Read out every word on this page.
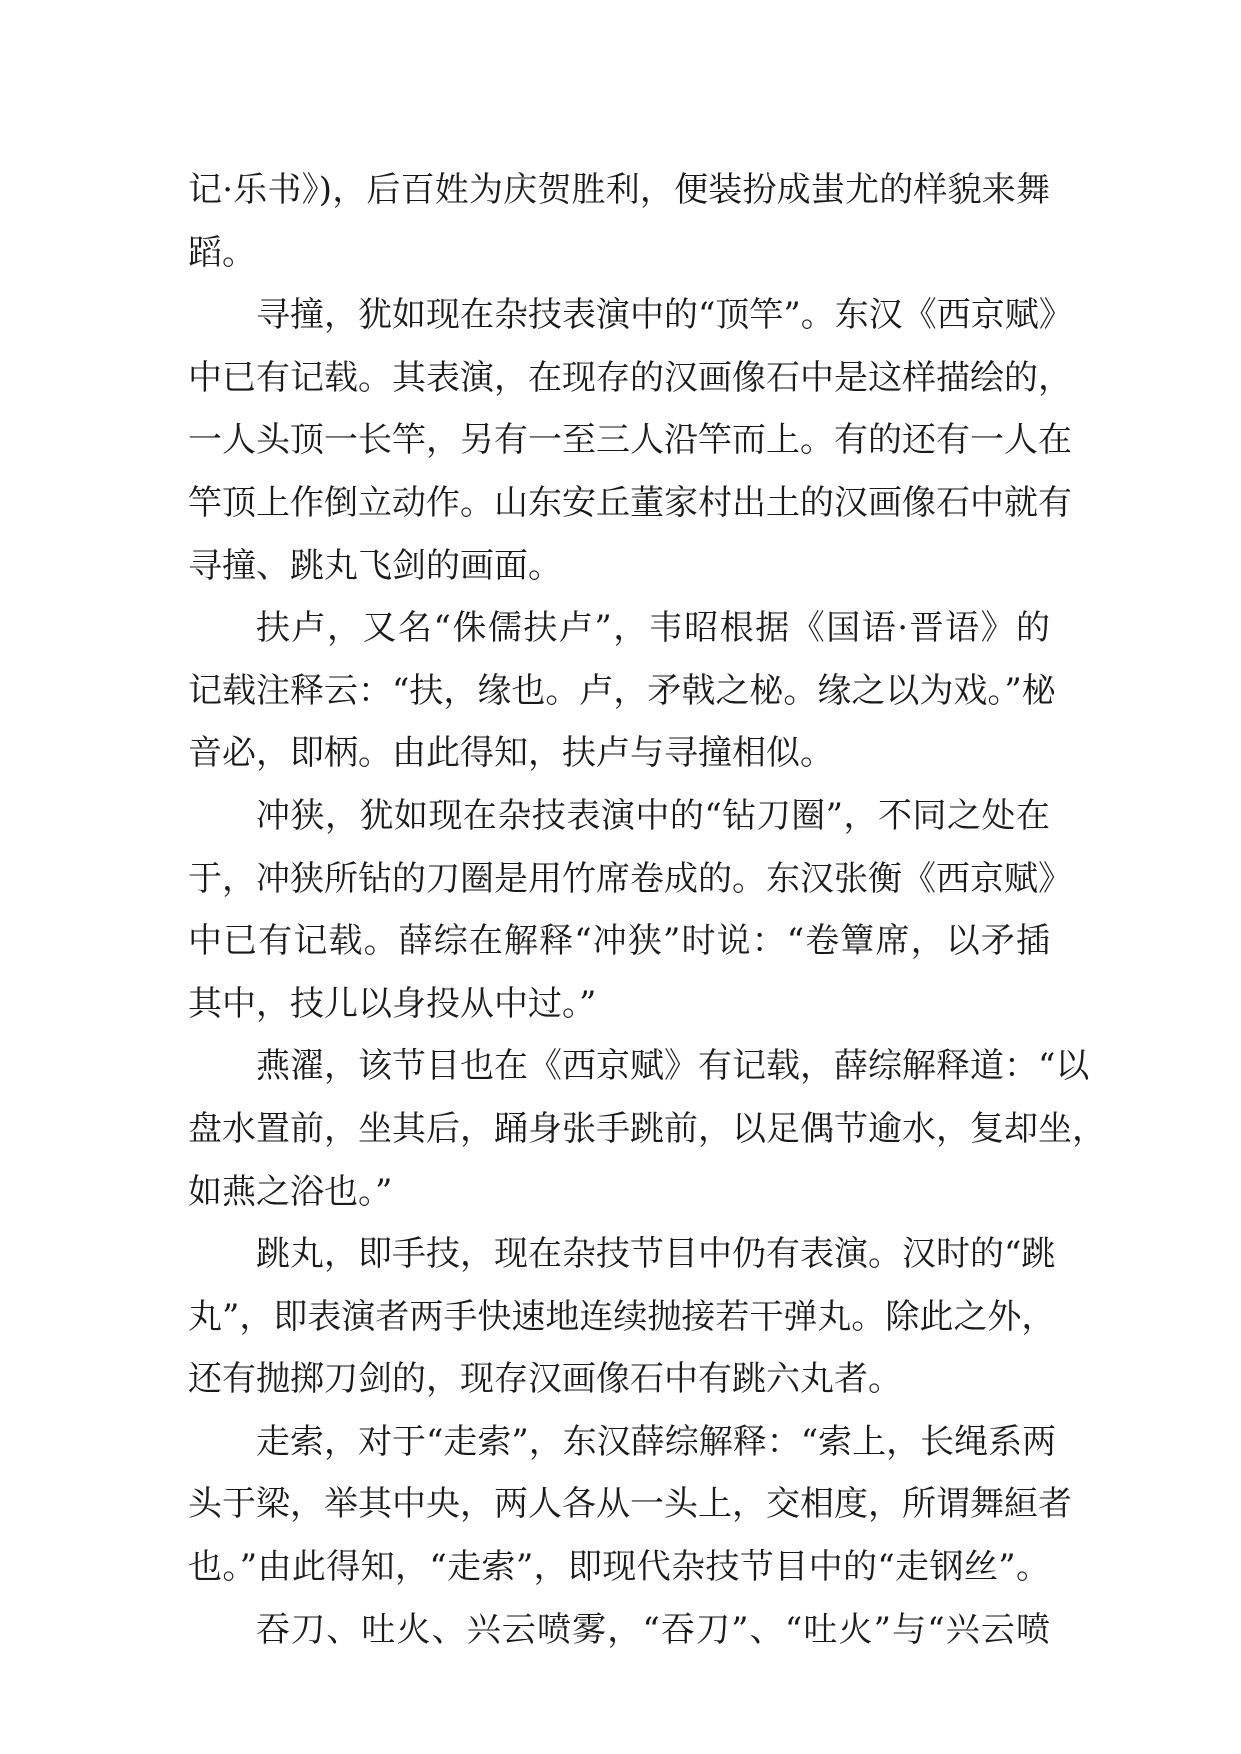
记·乐书》)，后百姓为庆贺胜利，便装扮成蚩尤的样貌来舞
蹈。
寻撞，犹如现在杂技表演中的“顶竿”。东汉《西京赋》
中已有记载。其表演，在现存的汉画像石中是这样描绘的，
一人头顶一长竿，另有一至三人沿竿而上。有的还有一人在
竿顶上作倒立动作。山东安丘董家村出土的汉画像石中就有
寻撞、跳丸飞剑的画面。
扶卢，又名“侏儒扶卢”，韦昭根据《国语·晋语》的
记载注释云：“扶，缘也。卢，矛戟之柲。缘之以为戏。”柲
音必，即柄。由此得知，扶卢与寻撞相似。
冲狭，犹如现在杂技表演中的“钻刀圈”，不同之处在
于，冲狭所钻的刀圈是用竹席卷成的。东汉张衡《西京赋》
中已有记载。薛综在解释“冲狭”时说：“卷簟席，以矛插
其中，技儿以身投从中过。”
燕濯，该节目也在《西京赋》有记载，薛综解释道：“以
盘水置前，坐其后，踊身张手跳前，以足偶节逾水，复却坐，
如燕之浴也。”
跳丸，即手技，现在杂技节目中仍有表演。汉时的“跳
丸”，即表演者两手快速地连续抛接若干弹丸。除此之外，
还有抛掷刀剑的，现存汉画像石中有跳六丸者。
走索，对于“走索”，东汉薛综解释：“索上，长绳系两
头于梁，举其中央，两人各从一头上，交相度，所谓舞絙者
也。”由此得知，“走索”，即现代杂技节目中的“走钢丝”。
吞刀、吐火、兴云喷雾，“吞刀”、“吐火”与“兴云喷
